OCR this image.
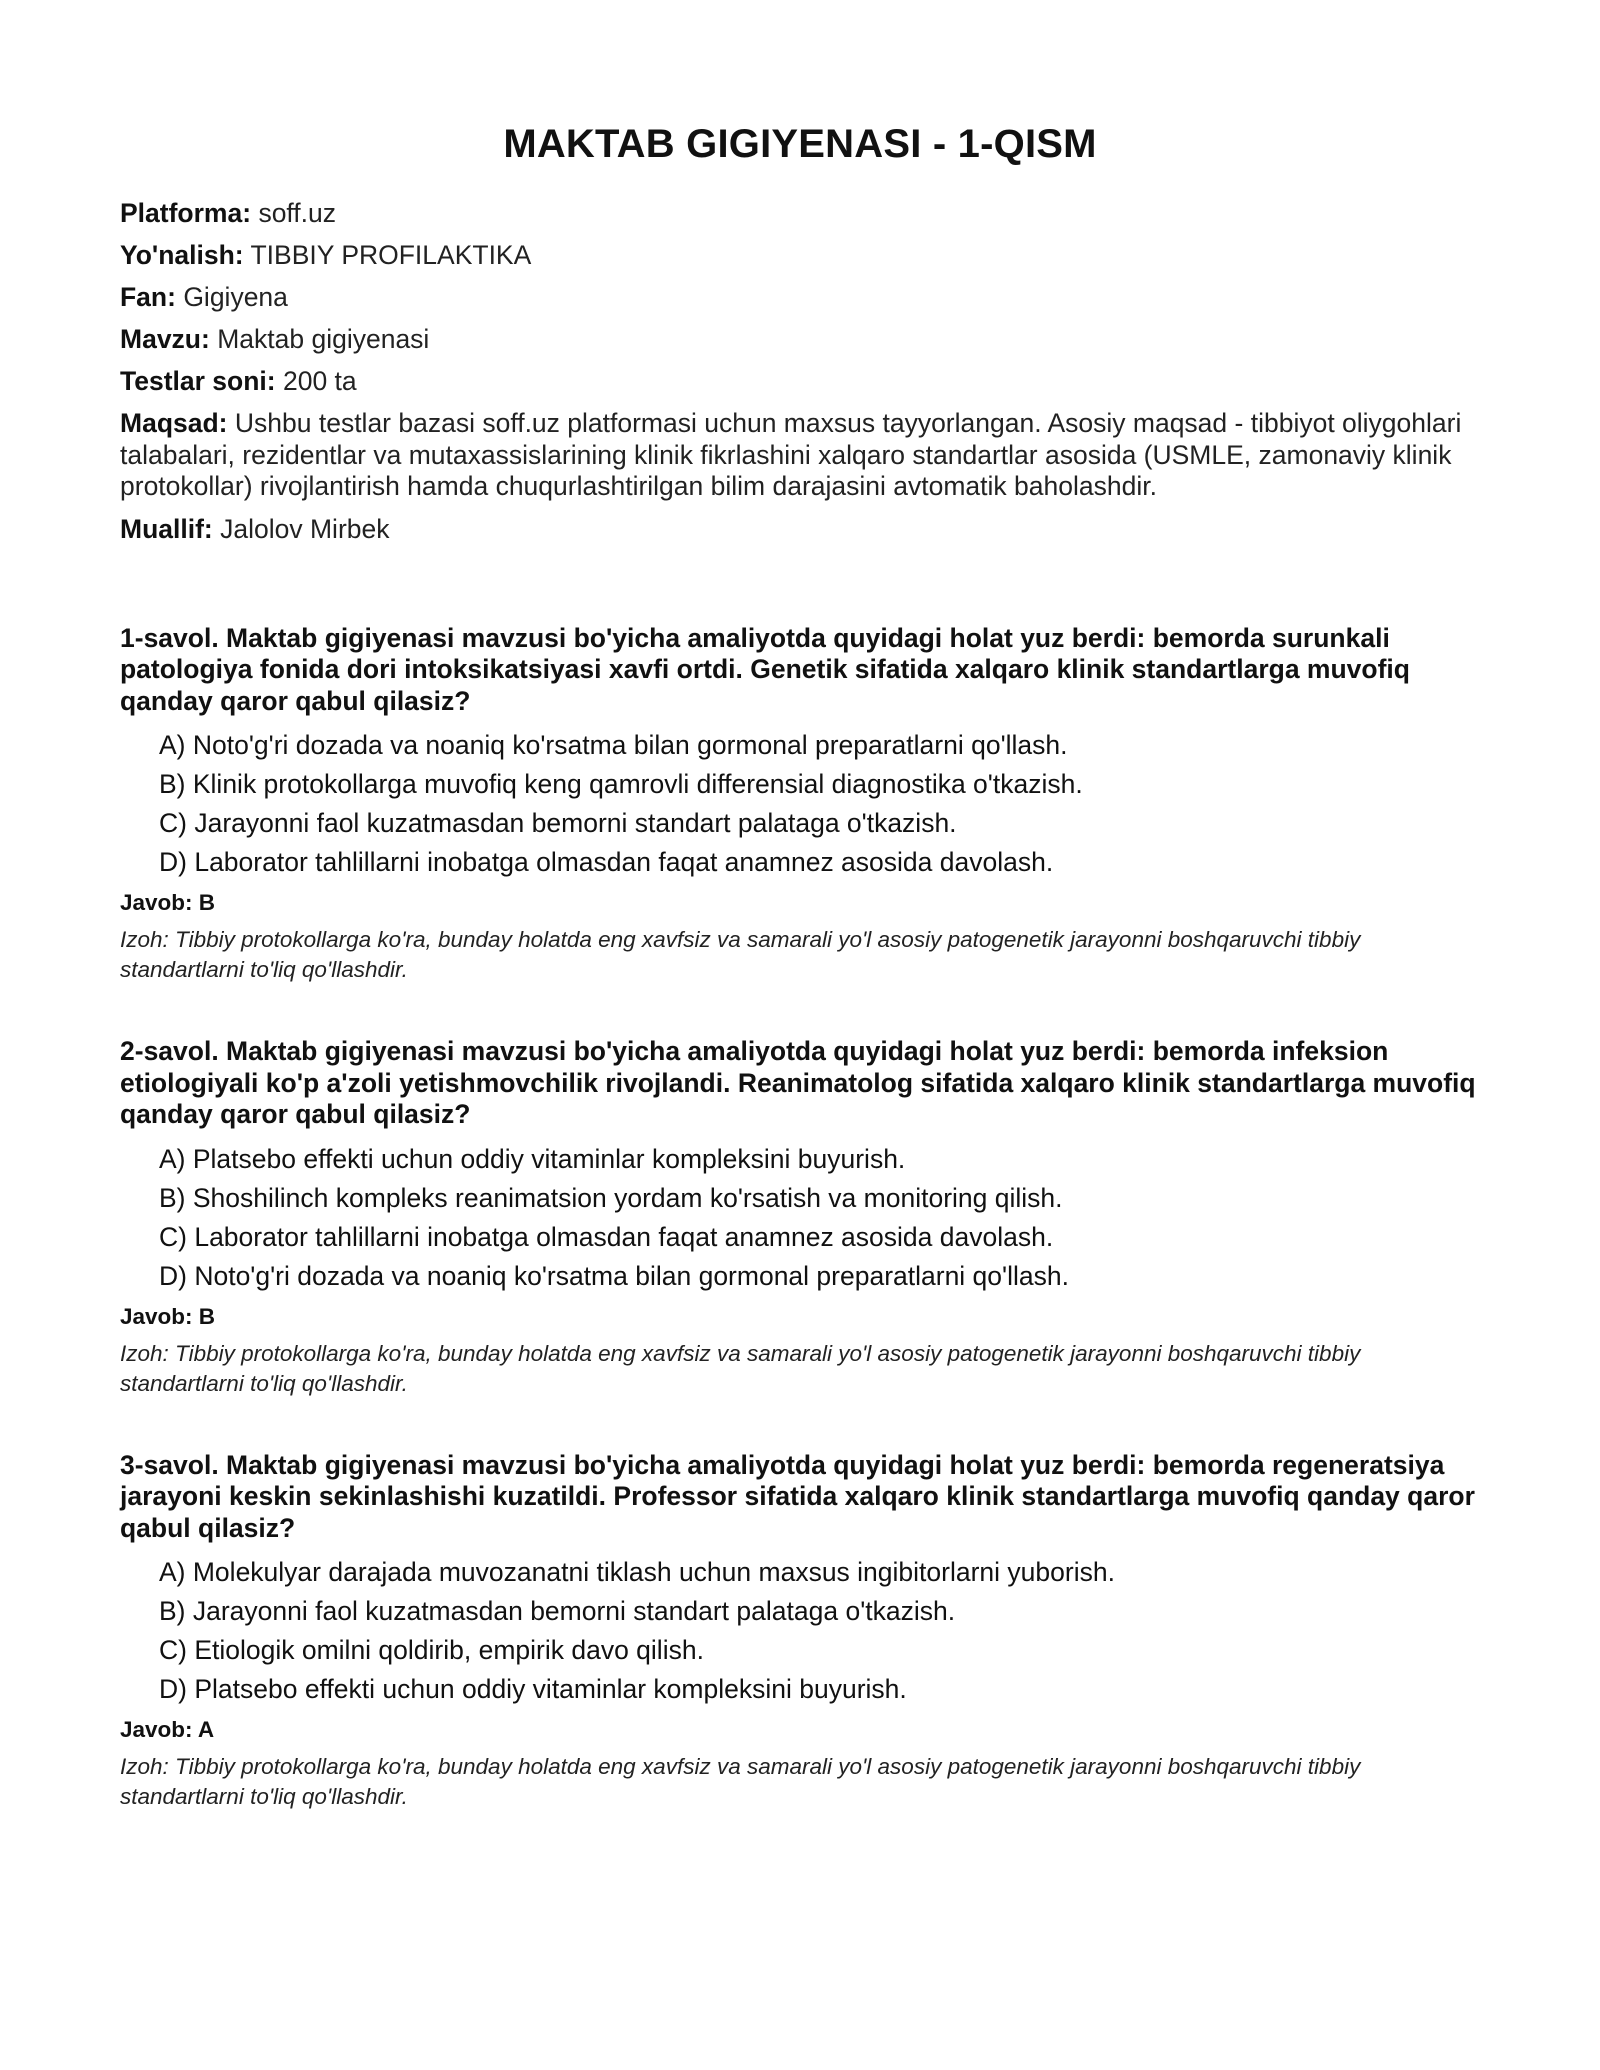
MAKTAB GIGIYENASI - 1-QISM

Platforma: soff.uz

Yo'nalish: TIBBIY PROFILAKTIKA

Fan: Gigiyena

Mavzu: Maktab gigiyenasi

Testlar soni: 200 ta

Maqsad: Ushbu testlar bazasi soff.uz platformasi uchun maxsus tayyorlangan. Asosiy maqsad - tibbiyot oliygohlari talabalari, rezidentlar va mutaxassislarining klinik fikrlashini xalqaro standartlar asosida (USMLE, zamonaviy klinik protokollar) rivojlantirish hamda chuqurlashtirilgan bilim darajasini avtomatik baholashdir.

Muallif: Jalolov Mirbek

1-savol. Maktab gigiyenasi mavzusi bo'yicha amaliyotda quyidagi holat yuz berdi: bemorda surunkali patologiya fonida dori intoksikatsiyasi xavfi ortdi. Genetik sifatida xalqaro klinik standartlarga muvofiq qanday qaror qabul qilasiz?

A) Noto'g'ri dozada va noaniq ko'rsatma bilan gormonal preparatlarni qo'llash.
B) Klinik protokollarga muvofiq keng qamrovli differensial diagnostika o'tkazish.
C) Jarayonni faol kuzatmasdan bemorni standart palataga o'tkazish.
D) Laborator tahlillarni inobatga olmasdan faqat anamnez asosida davolash.

Javob: B

Izoh: Tibbiy protokollarga ko'ra, bunday holatda eng xavfsiz va samarali yo'l asosiy patogenetik jarayonni boshqaruvchi tibbiy standartlarni to'liq qo'llashdir.

2-savol. Maktab gigiyenasi mavzusi bo'yicha amaliyotda quyidagi holat yuz berdi: bemorda infeksion etiologiyali ko'p a'zoli yetishmovchilik rivojlandi. Reanimatolog sifatida xalqaro klinik standartlarga muvofiq qanday qaror qabul qilasiz?

A) Platsebo effekti uchun oddiy vitaminlar kompleksini buyurish.
B) Shoshilinch kompleks reanimatsion yordam ko'rsatish va monitoring qilish.
C) Laborator tahlillarni inobatga olmasdan faqat anamnez asosida davolash.
D) Noto'g'ri dozada va noaniq ko'rsatma bilan gormonal preparatlarni qo'llash.

Javob: B

Izoh: Tibbiy protokollarga ko'ra, bunday holatda eng xavfsiz va samarali yo'l asosiy patogenetik jarayonni boshqaruvchi tibbiy standartlarni to'liq qo'llashdir.

3-savol. Maktab gigiyenasi mavzusi bo'yicha amaliyotda quyidagi holat yuz berdi: bemorda regeneratsiya jarayoni keskin sekinlashishi kuzatildi. Professor sifatida xalqaro klinik standartlarga muvofiq qanday qaror qabul qilasiz?

A) Molekulyar darajada muvozanatni tiklash uchun maxsus ingibitorlarni yuborish.
B) Jarayonni faol kuzatmasdan bemorni standart palataga o'tkazish.
C) Etiologik omilni qoldirib, empirik davo qilish.
D) Platsebo effekti uchun oddiy vitaminlar kompleksini buyurish.

Javob: A

Izoh: Tibbiy protokollarga ko'ra, bunday holatda eng xavfsiz va samarali yo'l asosiy patogenetik jarayonni boshqaruvchi tibbiy standartlarni to'liq qo'llashdir.
